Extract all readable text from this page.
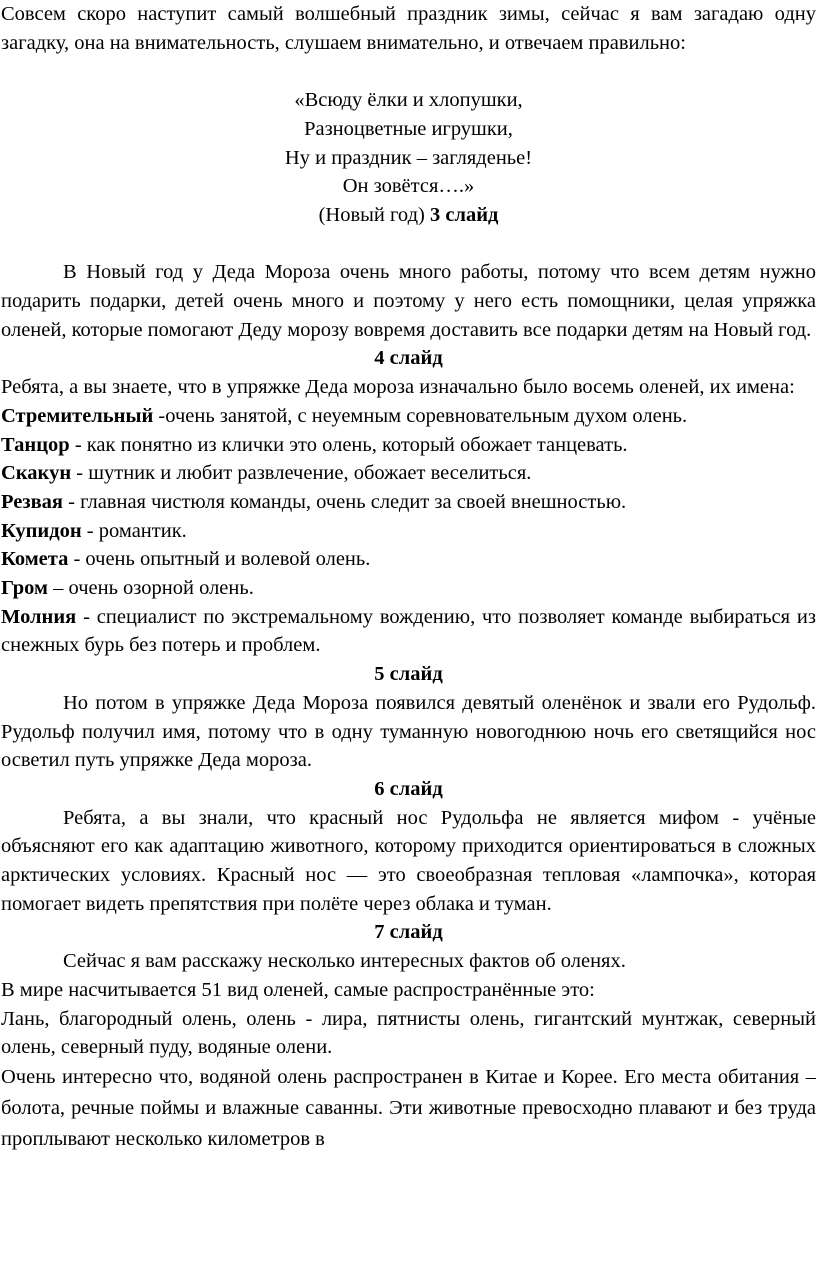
Совсем скоро наступит самый волшебный праздник зимы, сейчас я вам загадаю одну загадку, она на внимательность, слушаем внимательно, и отвечаем правильно:

«Всюду ёлки и хлопушки,

Разноцветные игрушки,

Ну и праздник – загляденье!

Он зовётся….»

(Новый год) 3 слайд

В Новый год у Деда Мороза очень много работы, потому что всем детям нужно подарить подарки, детей очень много и поэтому у него есть помощники, целая упряжка оленей, которые помогают Деду морозу вовремя доставить все подарки детям на Новый год.

4 слайд

Ребята, а вы знаете, что в упряжке Деда мороза изначально было восемь оленей, их имена:

Стремительный -очень занятой, с неуемным соревновательным духом олень.

Танцор - как понятно из клички это олень, который обожает танцевать.

Скакун - шутник и любит развлечение, обожает веселиться.

Резвая - главная чистюля команды, очень следит за своей внешностью.

Купидон - романтик.

Комета - очень опытный и волевой олень.

Гром – очень озорной олень.

Молния - специалист по экстремальному вождению, что позволяет команде выбираться из снежных бурь без потерь и проблем.

5 слайд

Но потом в упряжке Деда Мороза появился девятый оленёнок и звали его Рудольф. Рудольф получил имя, потому что в одну туманную новогоднюю ночь его светящийся нос осветил путь упряжке Деда мороза.

6 слайд

Ребята, а вы знали, что красный нос Рудольфа не является мифом - учёные объясняют его как адаптацию животного, которому приходится ориентироваться в сложных арктических условиях. Красный нос — это своеобразная тепловая «лампочка», которая помогает видеть препятствия при полёте через облака и туман.

7 слайд

Сейчас я вам расскажу несколько интересных фактов об оленях.

В мире насчитывается 51 вид оленей, самые распространённые это:

Лань, благородный олень, олень - лира, пятнисты олень, гигантский мунтжак, северный олень, северный пуду, водяные олени.

Очень интересно что, водяной олень распространен в Китае и Корее. Его места обитания – болота, речные поймы и влажные саванны. Эти животные превосходно плавают и без труда проплывают несколько километров в
